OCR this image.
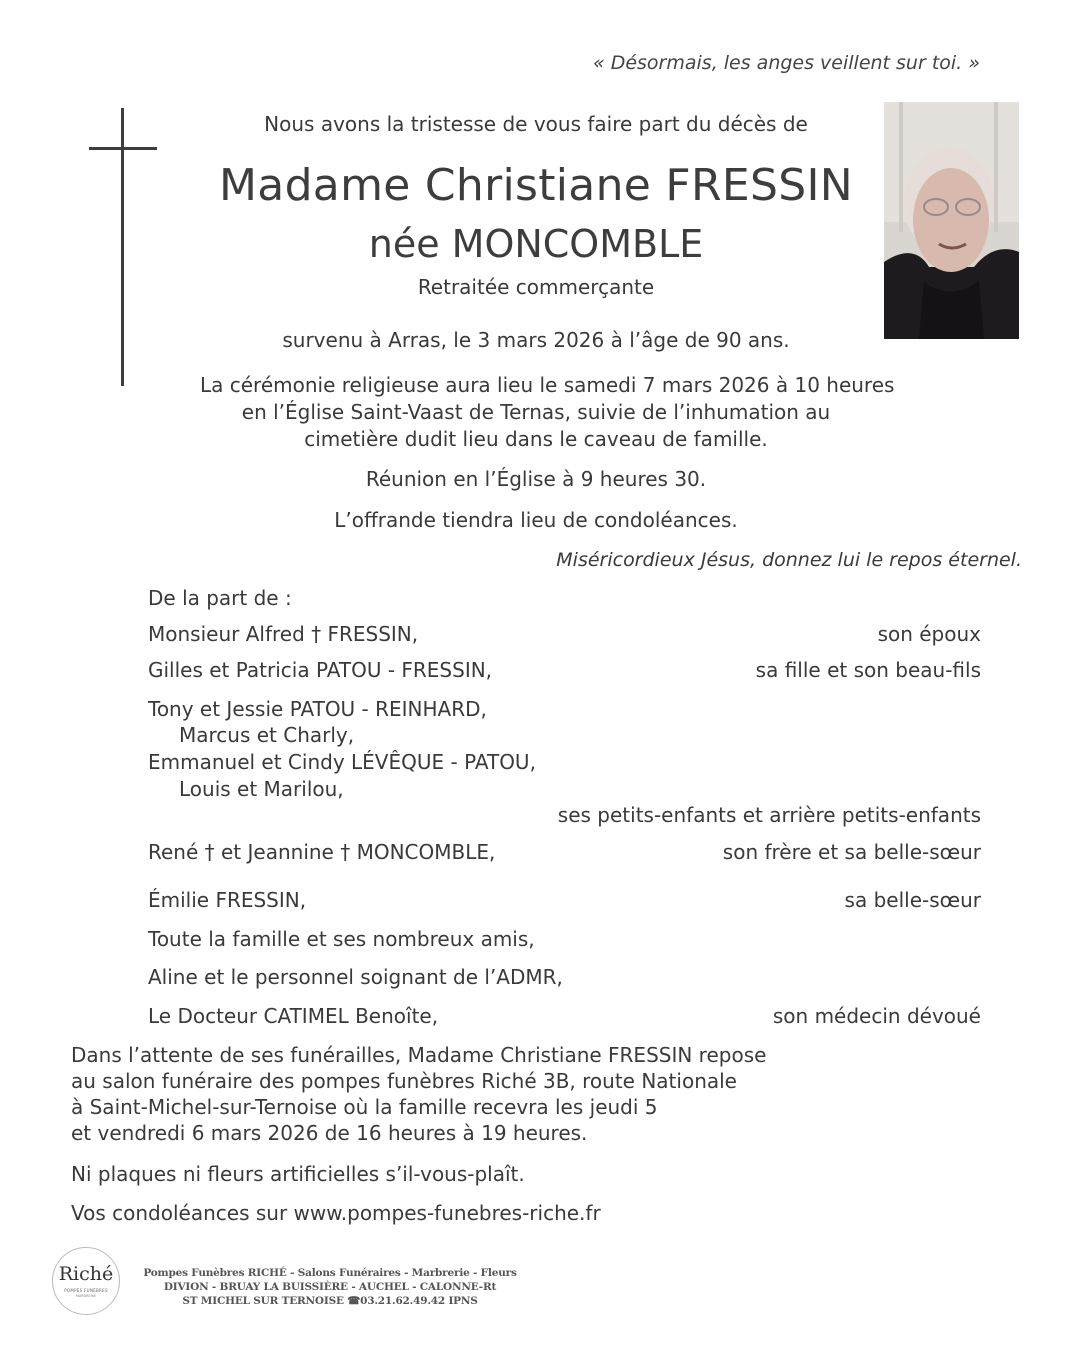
« Désormais, les anges veillent sur toi. »
Nous avons la tristesse de vous faire part du décès de
Madame Christiane FRESSIN
née MONCOMBLE
Retraitée commerçante
survenu à Arras, le 3 mars 2026 à l’âge de 90 ans.
La cérémonie religieuse aura lieu le samedi 7 mars 2026 à 10 heures
en l’Église Saint-Vaast de Ternas, suivie de l’inhumation au
cimetière dudit lieu dans le caveau de famille.
Réunion en l’Église à 9 heures 30.
L’offrande tiendra lieu de condoléances.
Miséricordieux Jésus, donnez lui le repos éternel.
De la part de :
Monsieur Alfred † FRESSIN,	son époux
Gilles et Patricia PATOU - FRESSIN,	sa fille et son beau-fils
Tony et Jessie PATOU - REINHARD,
Marcus et Charly,
Emmanuel et Cindy LÉVÊQUE - PATOU,
Louis et Marilou,
ses petits-enfants et arrière petits-enfants
René † et Jeannine † MONCOMBLE,	son frère et sa belle-sœur
Émilie FRESSIN,	sa belle-sœur
Toute la famille et ses nombreux amis,
Aline et le personnel soignant de l’ADMR,
Le Docteur CATIMEL Benoîte,	son médecin dévoué
Dans l’attente de ses funérailles, Madame Christiane FRESSIN repose
au salon funéraire des pompes funèbres Riché 3B, route Nationale
à Saint-Michel-sur-Ternoise où la famille recevra les jeudi 5
et vendredi 6 mars 2026 de 16 heures à 19 heures.
Ni plaques ni fleurs artificielles s’il-vous-plaît.
Vos condoléances sur www.pompes-funebres-riche.fr
Riché
POMPES FUNÈBRES
MARBRERIE
Pompes Funèbres RICHÉ - Salons Funéraires - Marbrerie - Fleurs
DIVION - BRUAY LA BUISSIÈRE - AUCHEL - CALONNE-Rt
ST MICHEL SUR TERNOISE ☎03.21.62.49.42 IPNS
